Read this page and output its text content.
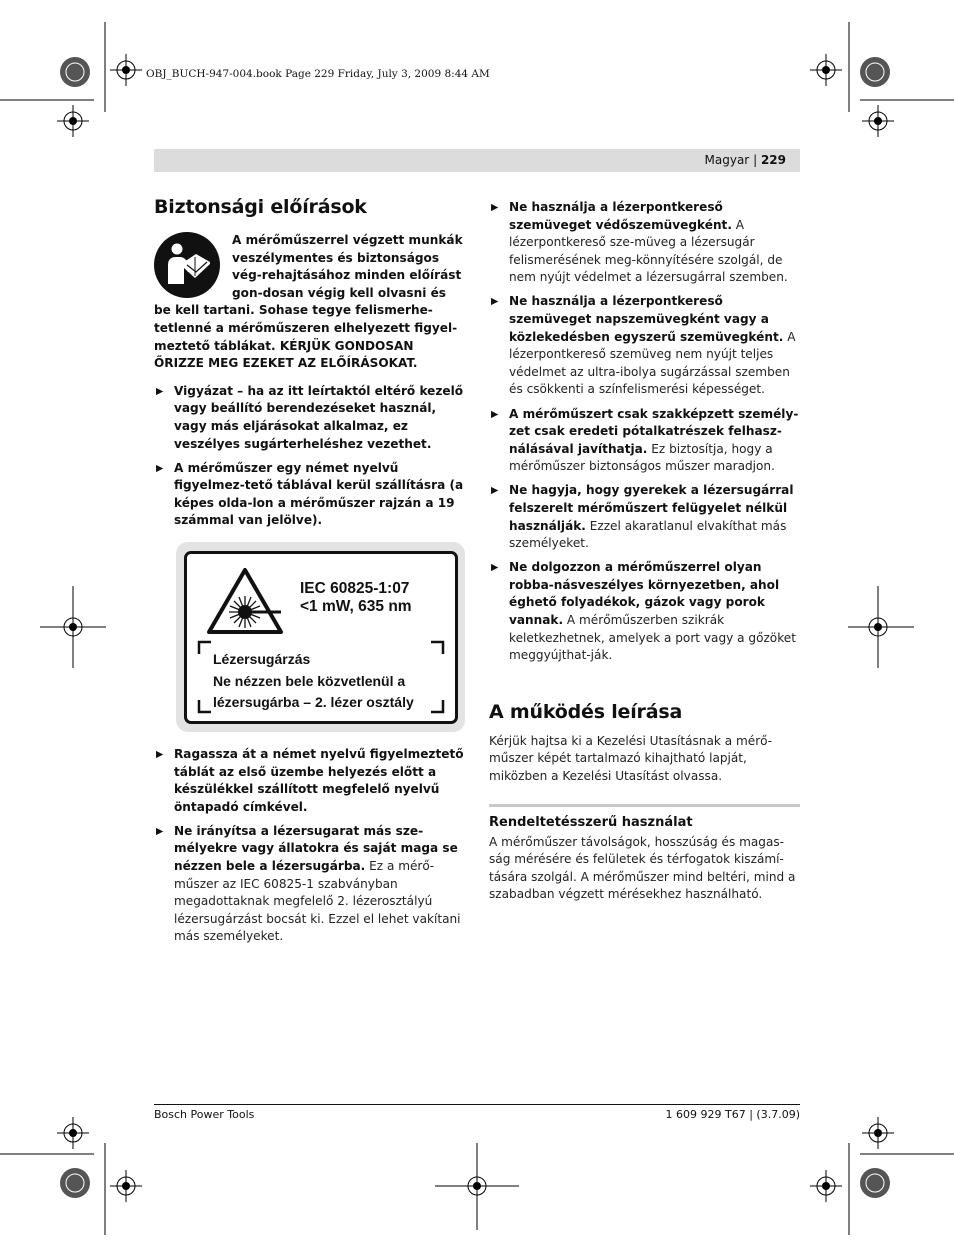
OBJ_BUCH-947-004.book Page 229 Friday, July 3, 2009 8:44 AM
Magyar | 229
Biztonsági előírások

A mérőműszerrel végzett munkák veszélymentes és biztonságos vég-rehajtásához minden előírást gon-dosan végig kell olvasni és be kell tartani. Sohase tegye felismerhe-tetlenné a mérőműszeren elhelyezett figyel-meztető táblákat. KÉRJÜK GONDOSAN ŐRIZZE MEG EZEKET AZ ELŐÍRÁSOKAT.

▶ Vigyázat – ha az itt leírtaktól eltérő kezelő vagy beállító berendezéseket használ, vagy más eljárásokat alkalmaz, ez veszélyes sugárterheléshez vezethet.
▶ A mérőműszer egy német nyelvű figyelmez-tető táblával kerül szállításra (a képes olda-lon a mérőműszer rajzán a 19 számmal van jelölve).
IEC 60825-1:07
<1 mW, 635 nm
Lézersugárzás
Ne nézzen bele közvetlenül a
lézersugárba – 2. lézer osztály
▶ Ragassza át a német nyelvű figyelmeztető táblát az első üzembe helyezés előtt a készülékkel szállított megfelelő nyelvű öntapadó címkével.
▶ Ne irányítsa a lézersugarat más sze-mélyekre vagy állatokra és saját maga se nézzen bele a lézersugárba. Ez a mérő-műszer az IEC 60825-1 szabványban megadottaknak megfelelő 2. lézerosztályú lézersugárzást bocsát ki. Ezzel el lehet vakítani más személyeket.
▶ Ne használja a lézerpontkereső szemüveget védőszemüvegként. A lézerpontkereső sze-müveg a lézersugár felismerésének meg-könnyítésére szolgál, de nem nyújt védelmet a lézersugárral szemben.
▶ Ne használja a lézerpontkereső szemüveget napszemüvegként vagy a közlekedésben egyszerű szemüvegként. A lézerpontkereső szemüveg nem nyújt teljes védelmet az ultra-ibolya sugárzással szemben és csökkenti a színfelismerési képességet.
▶ A mérőműszert csak szakképzett személy-zet csak eredeti pótalkatrészek felhasz-nálásával javíthatja. Ez biztosítja, hogy a mérőműszer biztonságos műszer maradjon.
▶ Ne hagyja, hogy gyerekek a lézersugárral felszerelt mérőműszert felügyelet nélkül használják. Ezzel akaratlanul elvakíthat más személyeket.
▶ Ne dolgozzon a mérőműszerrel olyan robba-násveszélyes környezetben, ahol éghető folyadékok, gázok vagy porok vannak. A mérőműszerben szikrák keletkezhetnek, amelyek a port vagy a gőzöket meggyújthat-ják.
A működés leírása

Kérjük hajtsa ki a Kezelési Utasításnak a mérő-műszer képét tartalmazó kihajtható lapját, miközben a Kezelési Utasítást olvassa.

Rendeltetésszerű használat

A mérőműszer távolságok, hosszúság és magas-ság mérésére és felületek és térfogatok kiszámí-tására szolgál. A mérőműszer mind beltéri, mind a szabadban végzett mérésekhez használható.

Bosch Power Tools	1 609 929 T67 | (3.7.09)
